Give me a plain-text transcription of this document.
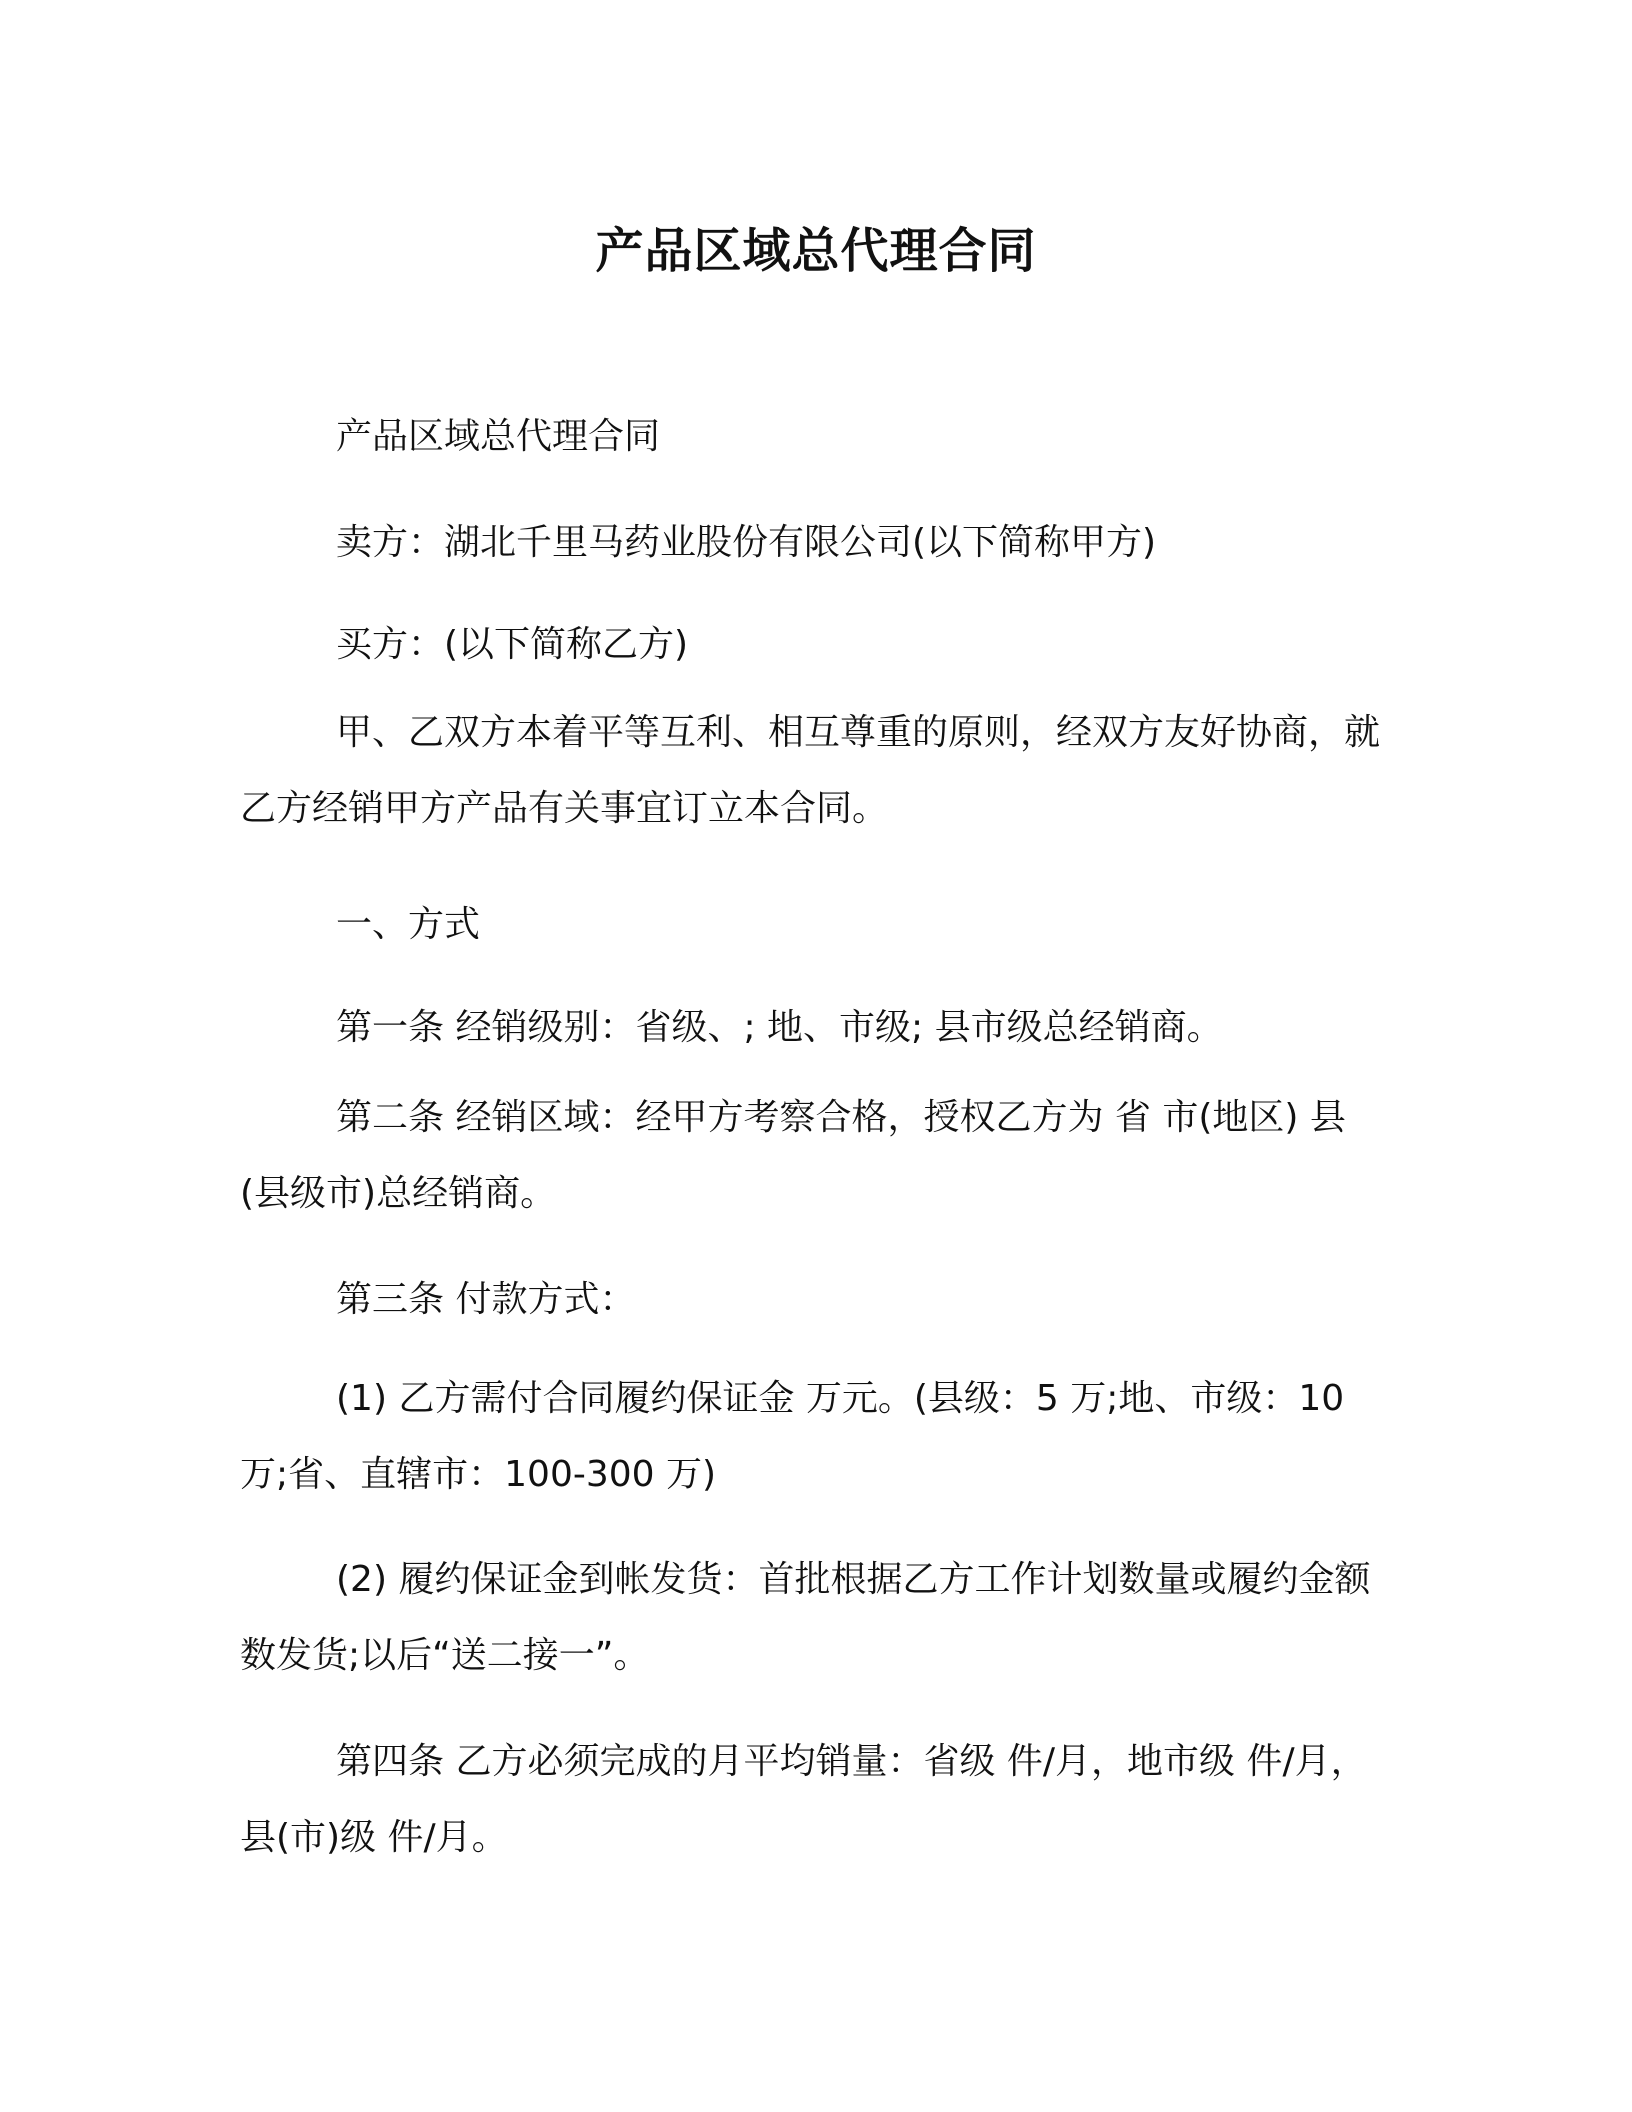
产品区域总代理合同
产品区域总代理合同
卖方：湖北千里马药业股份有限公司(以下简称甲方)
买方：(以下简称乙方)
甲、乙双方本着平等互利、相互尊重的原则，经双方友好协商，就乙方经销甲方产品有关事宜订立本合同。
一、方式
第一条 经销级别：省级、; 地、市级; 县市级总经销商。
第二条 经销区域：经甲方考察合格，授权乙方为 省 市(地区) 县(县级市)总经销商。
第三条 付款方式：
(1) 乙方需付合同履约保证金 万元。(县级：5 万;地、市级：10 万;省、直辖市：100-300 万)
(2) 履约保证金到帐发货：首批根据乙方工作计划数量或履约金额数发货;以后“送二接一”。
第四条 乙方必须完成的月平均销量：省级 件/月，地市级 件/月，县(市)级 件/月。
